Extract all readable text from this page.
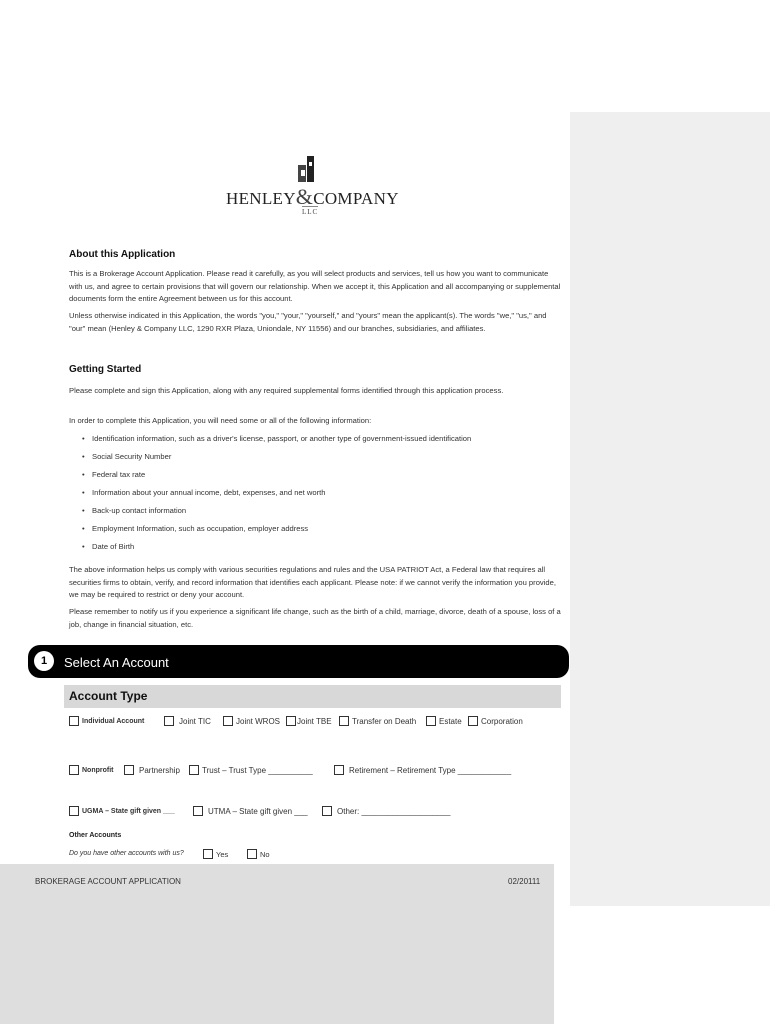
HENLEY&COMPANY
LLC
About this Application

This is a Brokerage Account Application. Please read it carefully, as you will select products and services, tell us how you want to communicate with us, and agree to certain provisions that will govern our relationship. When we accept it, this Application and all accompanying or supplemental documents form the entire Agreement between us for this account.

Unless otherwise indicated in this Application, the words "you," "your," "yourself," and "yours" mean the applicant(s). The words "we," "us," and "our" mean (Henley & Company LLC, 1290 RXR Plaza, Uniondale, NY 11556) and our branches, subsidiaries, and affiliates.

Getting Started

Please complete and sign this Application, along with any required supplemental forms identified through this application process.

In order to complete this Application, you will need some or all of the following information:

• Identification information, such as a driver's license, passport, or another type of government-issued identification
• Social Security Number
• Federal tax rate
• Information about your annual income, debt, expenses, and net worth
• Back-up contact information
• Employment Information, such as occupation, employer address
• Date of Birth

The above information helps us comply with various securities regulations and rules and the USA PATRIOT Act, a Federal law that requires all securities firms to obtain, verify, and record information that identifies each applicant. Please note: if we cannot verify the information you provide, we may be required to restrict or deny your account.

Please remember to notify us if you experience a significant life change, such as the birth of a child, marriage, divorce, death of a spouse, loss of a job, change in financial situation, etc.

1	Select An Account
Account Type
Individual Account	Joint TIC	Joint WROS Joint TBE	Transfer on Death	Estate Corporation
Nonprofit	Partnership	Trust – Trust Type __________	Retirement – Retirement Type ____________
UGMA – State gift given ___	UTMA – State gift given ___	Other: ____________________
Other Accounts
Do you have other accounts with us?	Yes	No
BROKERAGE ACCOUNT APPLICATION	02/20111
